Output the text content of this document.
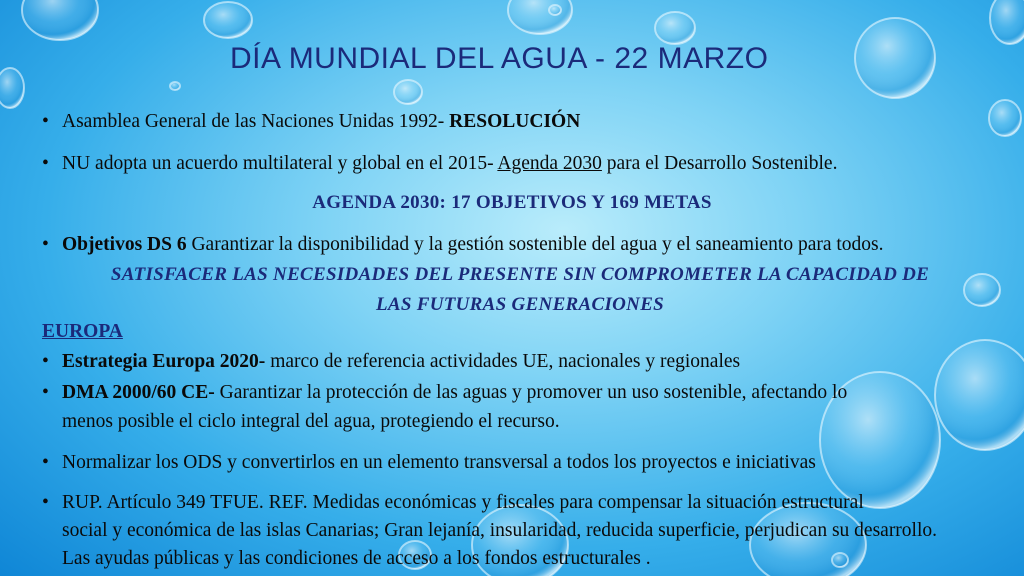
DÍA MUNDIAL DEL AGUA - 22 MARZO
• Asamblea General de las Naciones Unidas 1992- RESOLUCIÓN
• NU adopta un acuerdo multilateral y global en el 2015- Agenda 2030 para el Desarrollo Sostenible.
AGENDA 2030: 17 OBJETIVOS Y 169 METAS
• Objetivos DS 6 Garantizar la disponibilidad y la gestión sostenible del agua y el saneamiento para todos.
SATISFACER LAS NECESIDADES DEL PRESENTE SIN COMPROMETER LA CAPACIDAD DE
LAS FUTURAS GENERACIONES
EUROPA
• Estrategia Europa 2020- marco de referencia actividades UE, nacionales y regionales
• DMA 2000/60 CE- Garantizar la protección de las aguas y promover un uso sostenible, afectando lo
menos posible el ciclo integral del agua, protegiendo el recurso.
• Normalizar los ODS y convertirlos en un elemento transversal a todos los proyectos e iniciativas
• RUP. Artículo 349 TFUE. REF. Medidas económicas y fiscales para compensar la situación estructural
social y económica de las islas Canarias; Gran lejanía, insularidad, reducida superficie, perjudican su desarrollo.
Las ayudas públicas y las condiciones de acceso a los fondos estructurales .
